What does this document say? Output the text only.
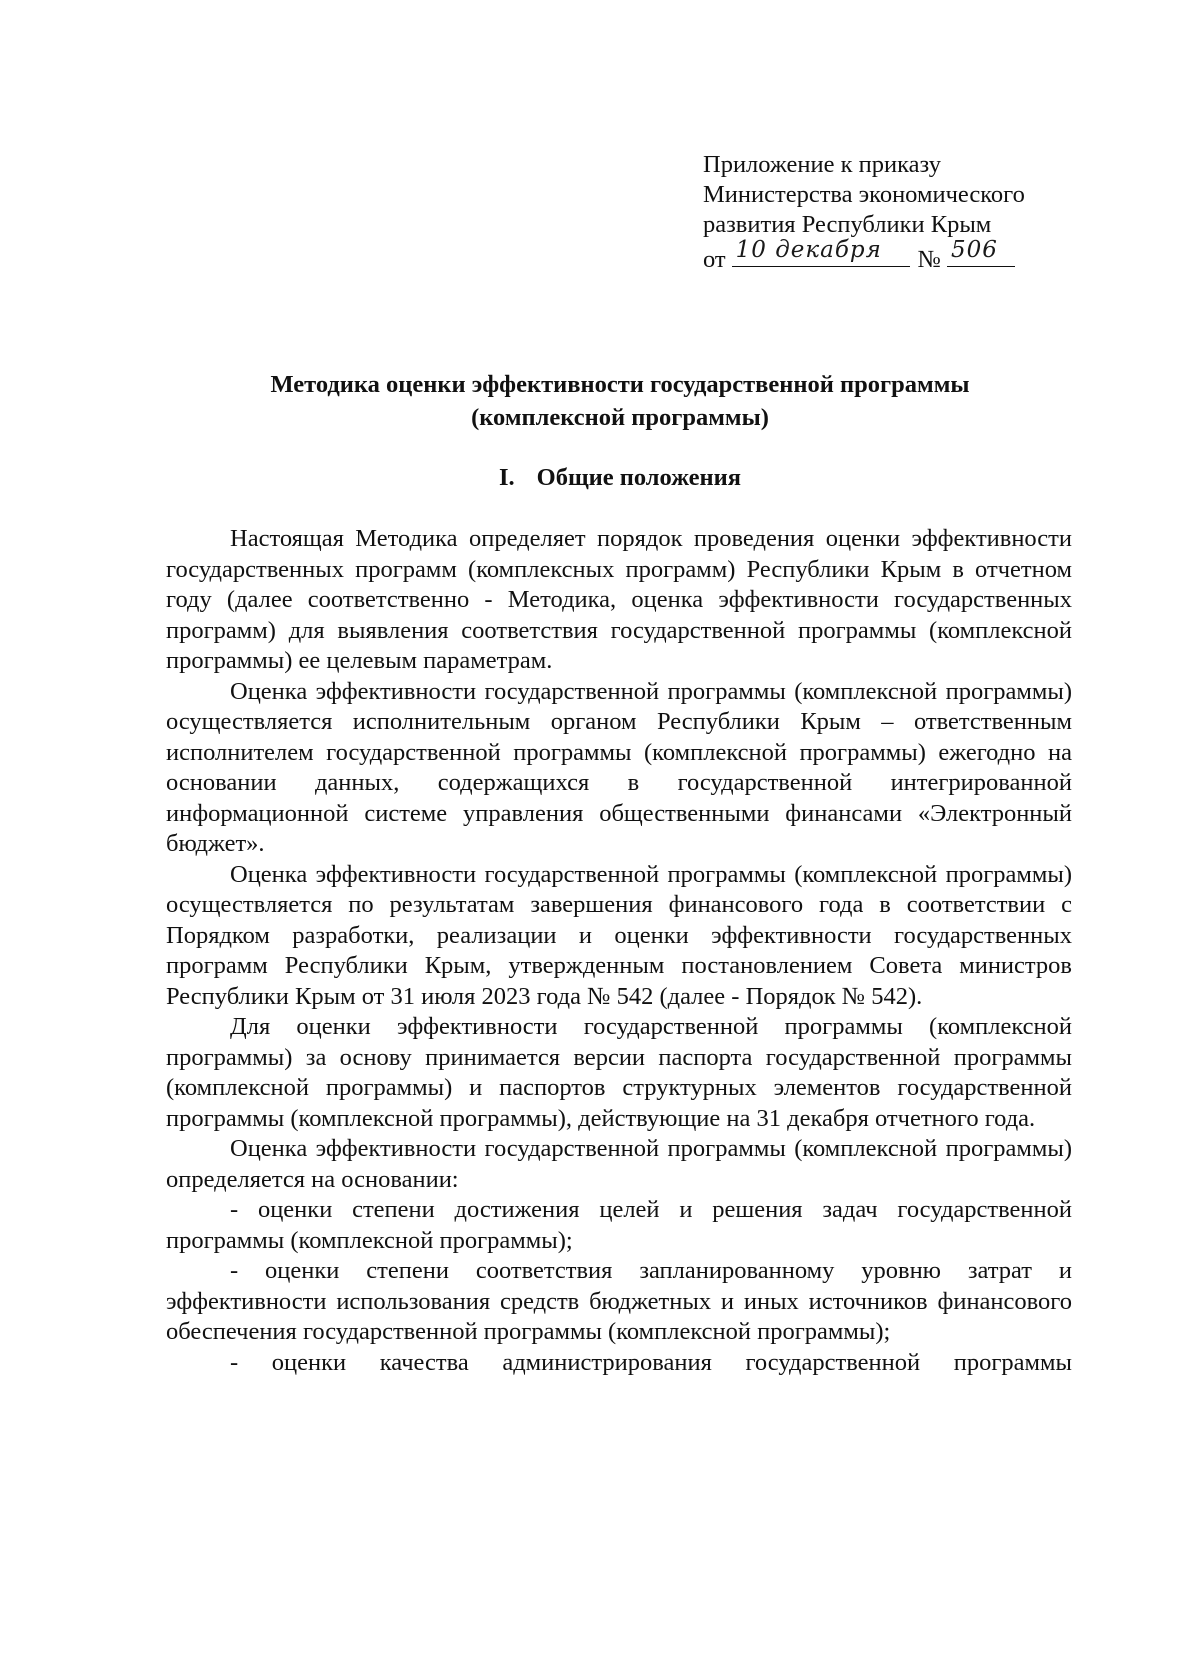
Приложение к приказу
Министерства экономического
развития Республики Крым
от 10 декабря № 506
Методика оценки эффективности государственной программы
(комплексной программы)
I. Общие положения

Настоящая Методика определяет порядок проведения оценки эффективности государственных программ (комплексных программ) Республики Крым в отчетном году (далее соответственно - Методика, оценка эффективности государственных программ) для выявления соответствия государственной программы (комплексной программы) ее целевым параметрам.

Оценка эффективности государственной программы (комплексной программы) осуществляется исполнительным органом Республики Крым – ответственным исполнителем государственной программы (комплексной программы) ежегодно на основании данных, содержащихся в государственной интегрированной информационной системе управления общественными финансами «Электронный бюджет».

Оценка эффективности государственной программы (комплексной программы) осуществляется по результатам завершения финансового года в соответствии с Порядком разработки, реализации и оценки эффективности государственных программ Республики Крым, утвержденным постановлением Совета министров Республики Крым от 31 июля 2023 года № 542 (далее - Порядок № 542).

Для оценки эффективности государственной программы (комплексной программы) за основу принимается версии паспорта государственной программы (комплексной программы) и паспортов структурных элементов государственной программы (комплексной программы), действующие на 31 декабря отчетного года.

Оценка эффективности государственной программы (комплексной программы) определяется на основании:

- оценки степени достижения целей и решения задач государственной программы (комплексной программы);

- оценки степени соответствия запланированному уровню затрат и эффективности использования средств бюджетных и иных источников финансового обеспечения государственной программы (комплексной программы);

- оценки качества администрирования государственной программы
